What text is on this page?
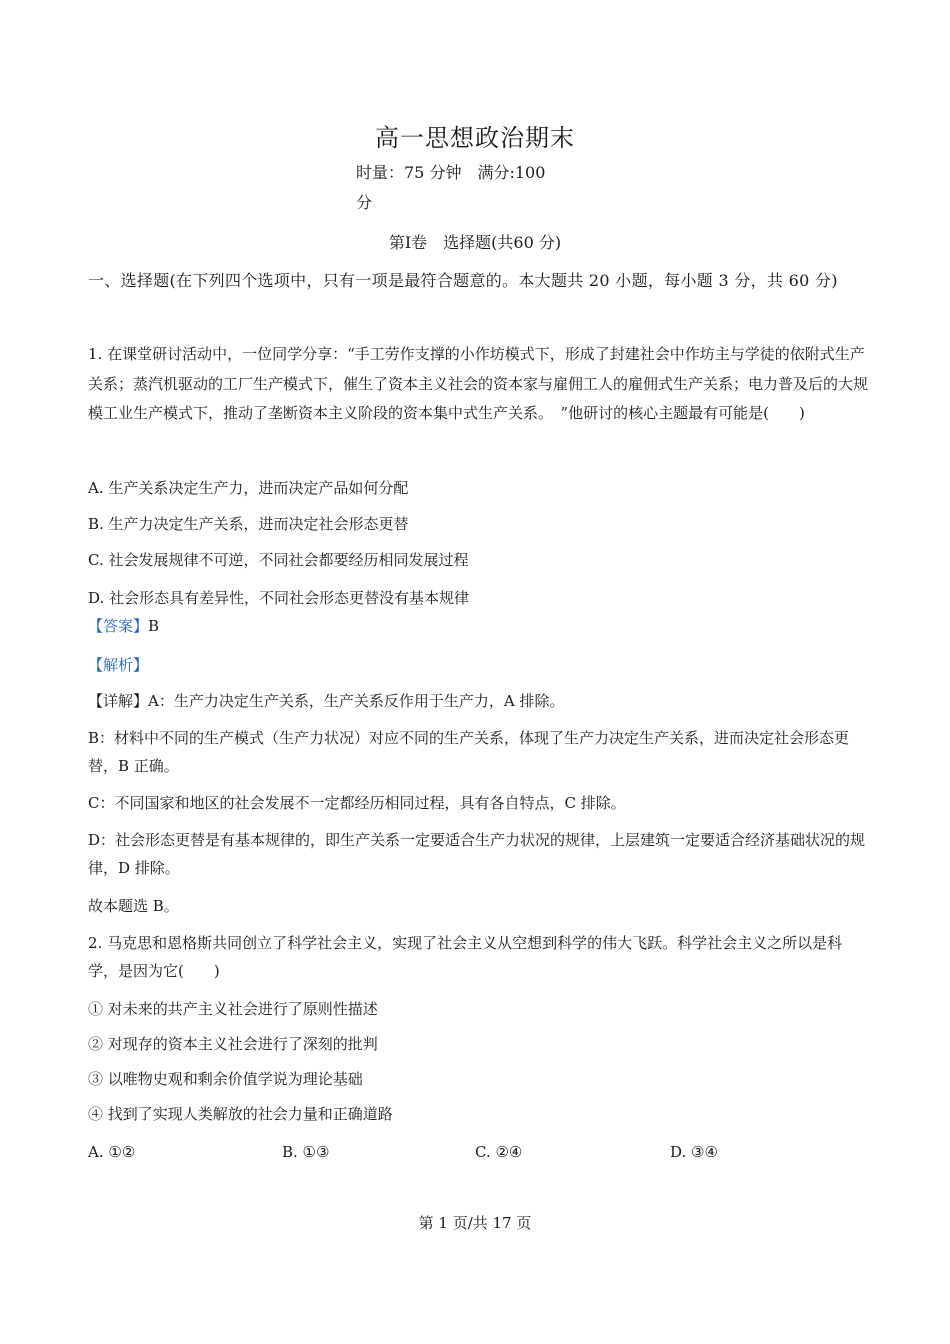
高一思想政治期末
时量：75 分钟　满分:100
分
第Ⅰ卷　选择题(共60 分)
一、选择题(在下列四个选项中，只有一项是最符合题意的。本大题共 20 小题，每小题 3 分，共 60 分)
1. 在课堂研讨活动中，一位同学分享：“手工劳作支撑的小作坊模式下，形成了封建社会中作坊主与学徒的依附式生产关系；蒸汽机驱动的工厂生产模式下，催生了资本主义社会的资本家与雇佣工人的雇佣式生产关系；电力普及后的大规模工业生产模式下，推动了垄断资本主义阶段的资本集中式生产关系。　”他研讨的核心主题最有可能是(　　)
A. 生产关系决定生产力，进而决定产品如何分配
B. 生产力决定生产关系，进而决定社会形态更替
C. 社会发展规律不可逆，不同社会都要经历相同发展过程
D. 社会形态具有差异性，不同社会形态更替没有基本规律
【答案】B
【解析】
【详解】A：生产力决定生产关系，生产关系反作用于生产力，A 排除。
B：材料中不同的生产模式（生产力状况）对应不同的生产关系，体现了生产力决定生产关系，进而决定社会形态更替，B 正确。
C：不同国家和地区的社会发展不一定都经历相同过程，具有各自特点，C 排除。
D：社会形态更替是有基本规律的，即生产关系一定要适合生产力状况的规律，上层建筑一定要适合经济基础状况的规律，D 排除。
故本题选 B。
2. 马克思和恩格斯共同创立了科学社会主义，实现了社会主义从空想到科学的伟大飞跃。科学社会主义之所以是科学，是因为它(　　)
① 对未来的共产主义社会进行了原则性描述
② 对现存的资本主义社会进行了深刻的批判
③ 以唯物史观和剩余价值学说为理论基础
④ 找到了实现人类解放的社会力量和正确道路
A. ①②	B. ①③	C. ②④	D. ③④
第 1 页/共 17 页
